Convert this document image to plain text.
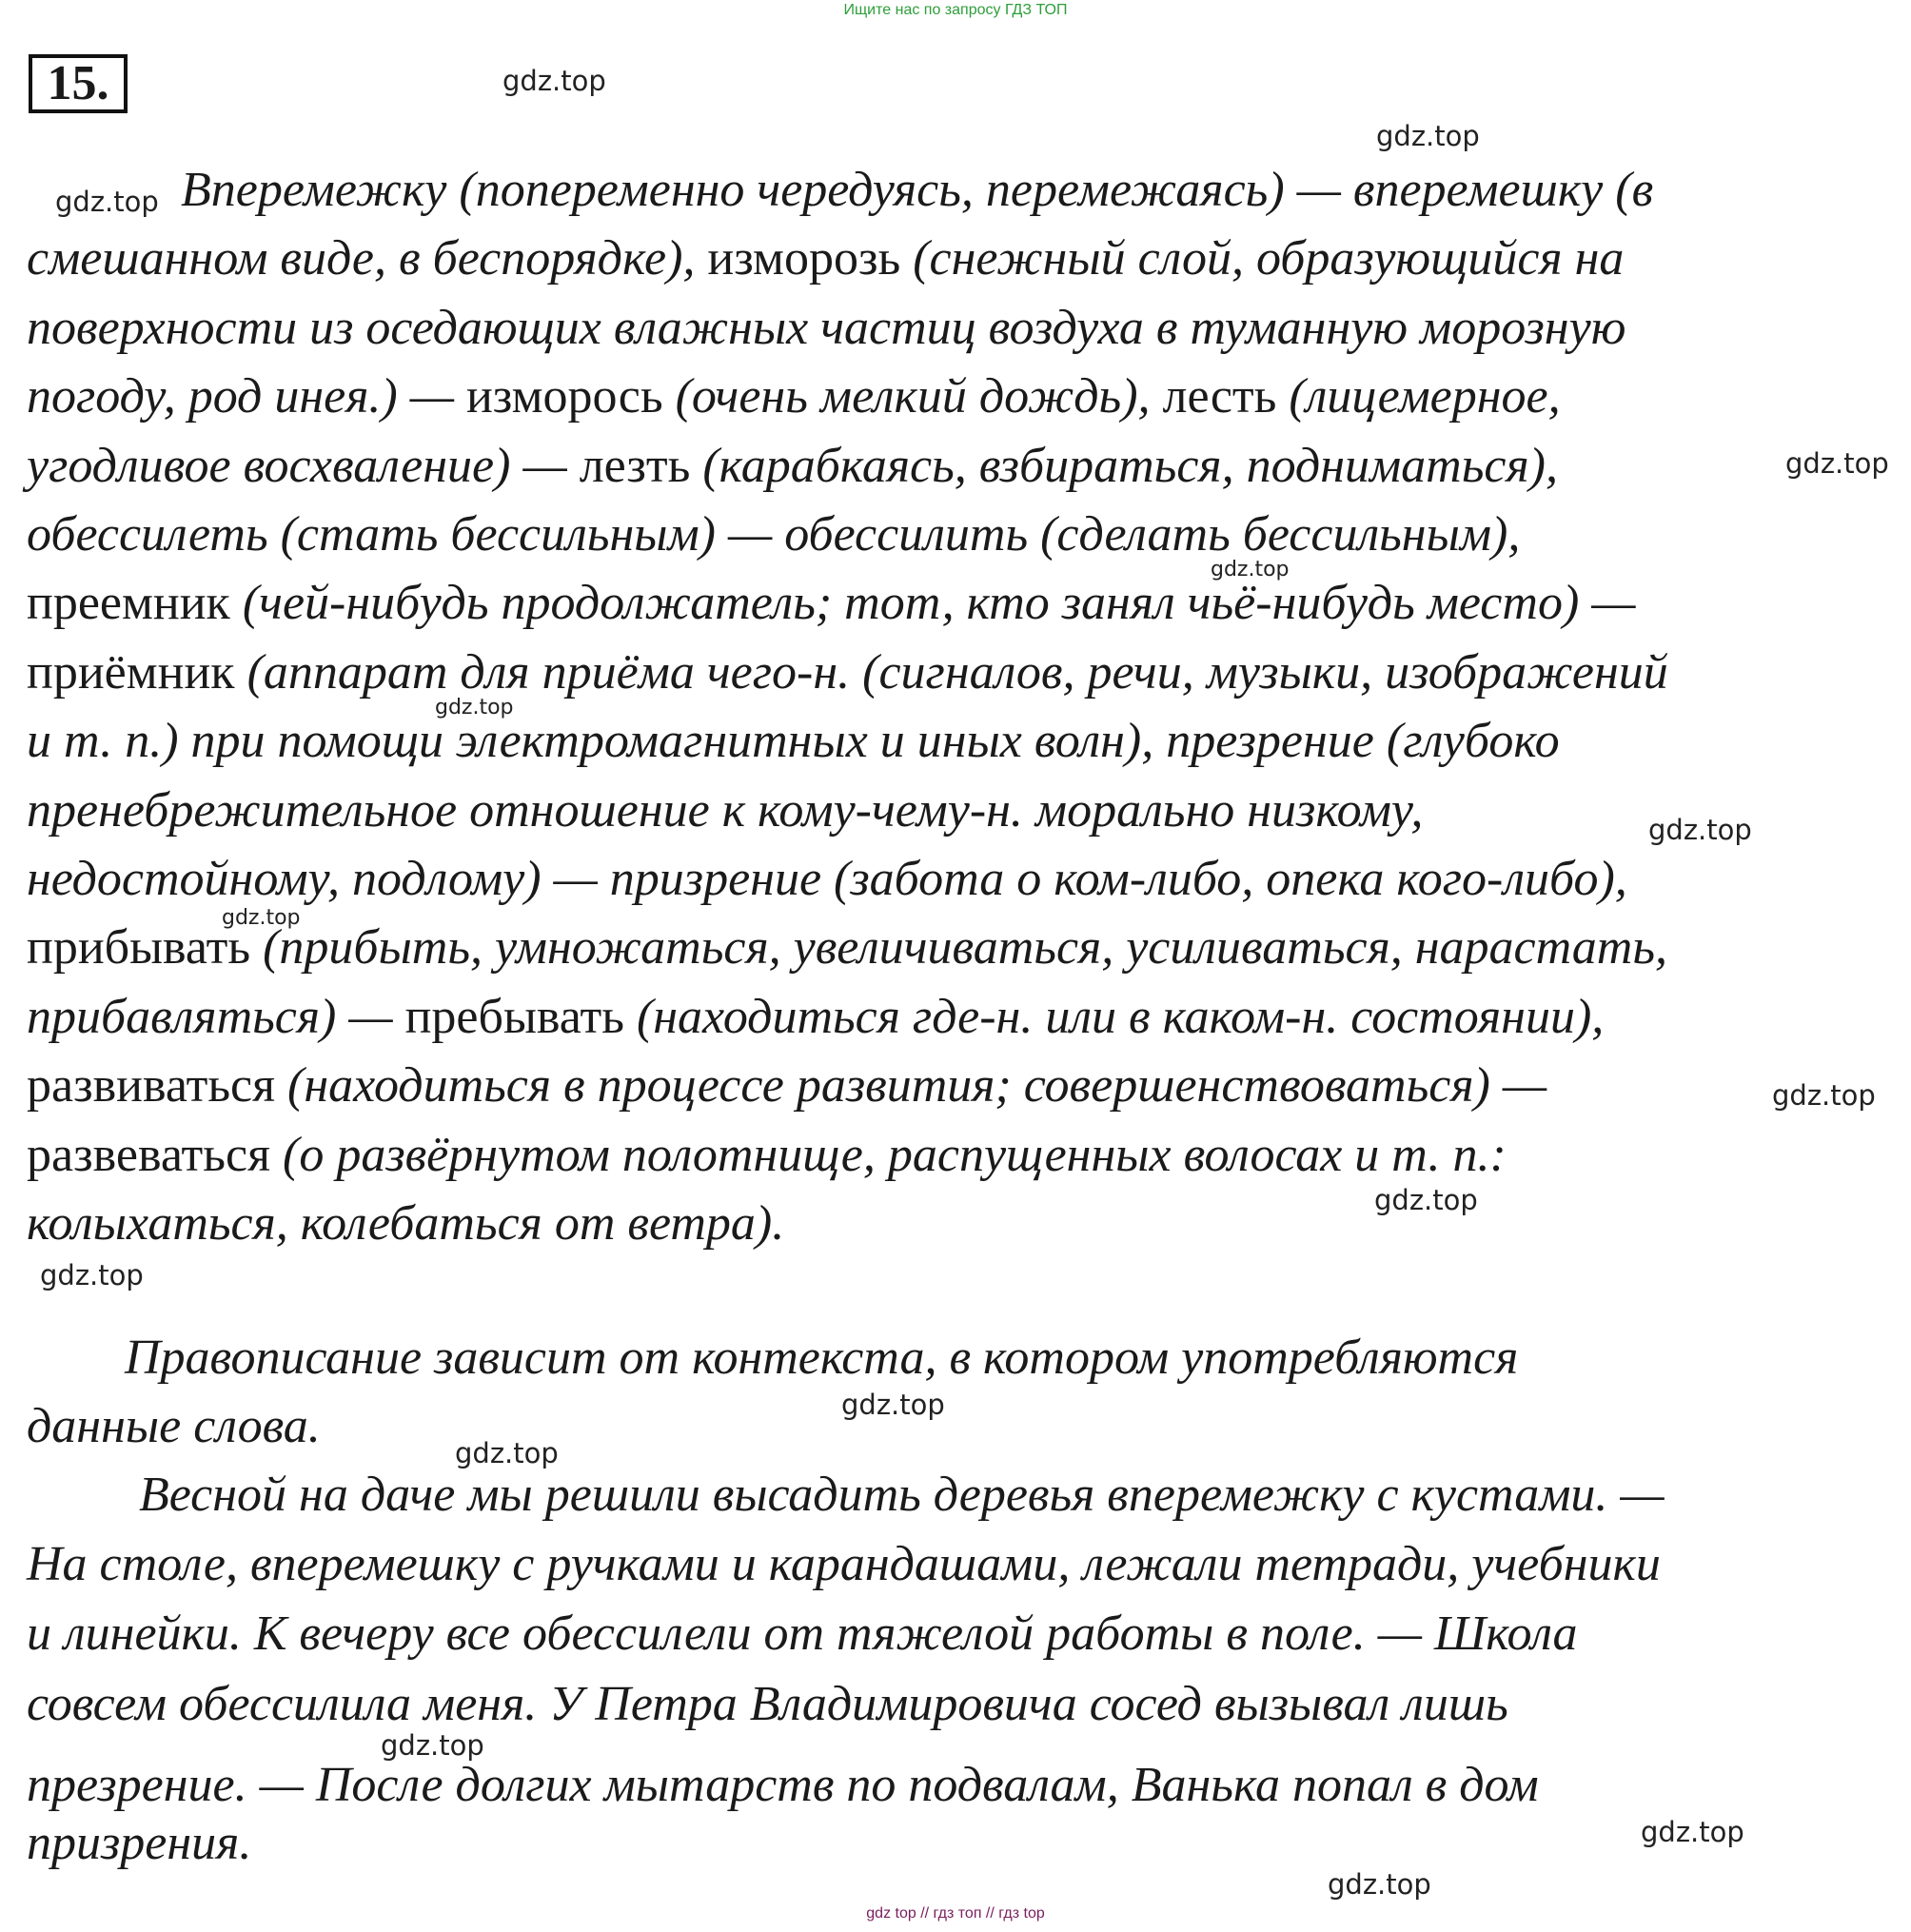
Ищите нас по запросу ГДЗ ТОП
15.	gdz.top
gdz.top
gdz.top
gdz.top
gdz.top
gdz.top
gdz.top
gdz.top
gdz.top
gdz.top
gdz.top
gdz.top
gdz.top
gdz.top
gdz.top
gdz.top
Вперемежку (попеременно чередуясь, перемежаясь) — вперемешку (в
смешанном виде, в беспорядке), изморозь (снежный слой, образующийся на
поверхности из оседающих влажных частиц воздуха в туманную морозную
погоду, род инея.) — изморось (очень мелкий дождь), лесть (лицемерное,
угодливое восхваление) — лезть (карабкаясь, взбираться, подниматься),
обессилеть (стать бессильным) — обессилить (сделать бессильным),
преемник (чей-нибудь продолжатель; тот, кто занял чьё-нибудь место) —
приёмник (аппарат для приёма чего-н. (сигналов, речи, музыки, изображений
и т. п.) при помощи электромагнитных и иных волн), презрение (глубоко
пренебрежительное отношение к кому-чему-н. морально низкому,
недостойному, подлому) — призрение (забота о ком-либо, опека кого-либо),
прибывать (прибыть, умножаться, увеличиваться, усиливаться, нарастать,
прибавляться) — пребывать (находиться где-н. или в каком-н. состоянии),
развиваться (находиться в процессе развития; совершенствоваться) —
развеваться (о развёрнутом полотнище, распущенных волосах и т. п.:
колыхаться, колебаться от ветра).
Правописание зависит от контекста, в котором употребляются
данные слова.
Весной на даче мы решили высадить деревья вперемежку с кустами. —
На столе, вперемешку с ручками и карандашами, лежали тетради, учебники
и линейки. К вечеру все обессилели от тяжелой работы в поле. — Школа
совсем обессилила меня. У Петра Владимировича сосед вызывал лишь
презрение. — После долгих мытарств по подвалам, Ванька попал в дом
призрения.
gdz top // гдз топ // гдз top
